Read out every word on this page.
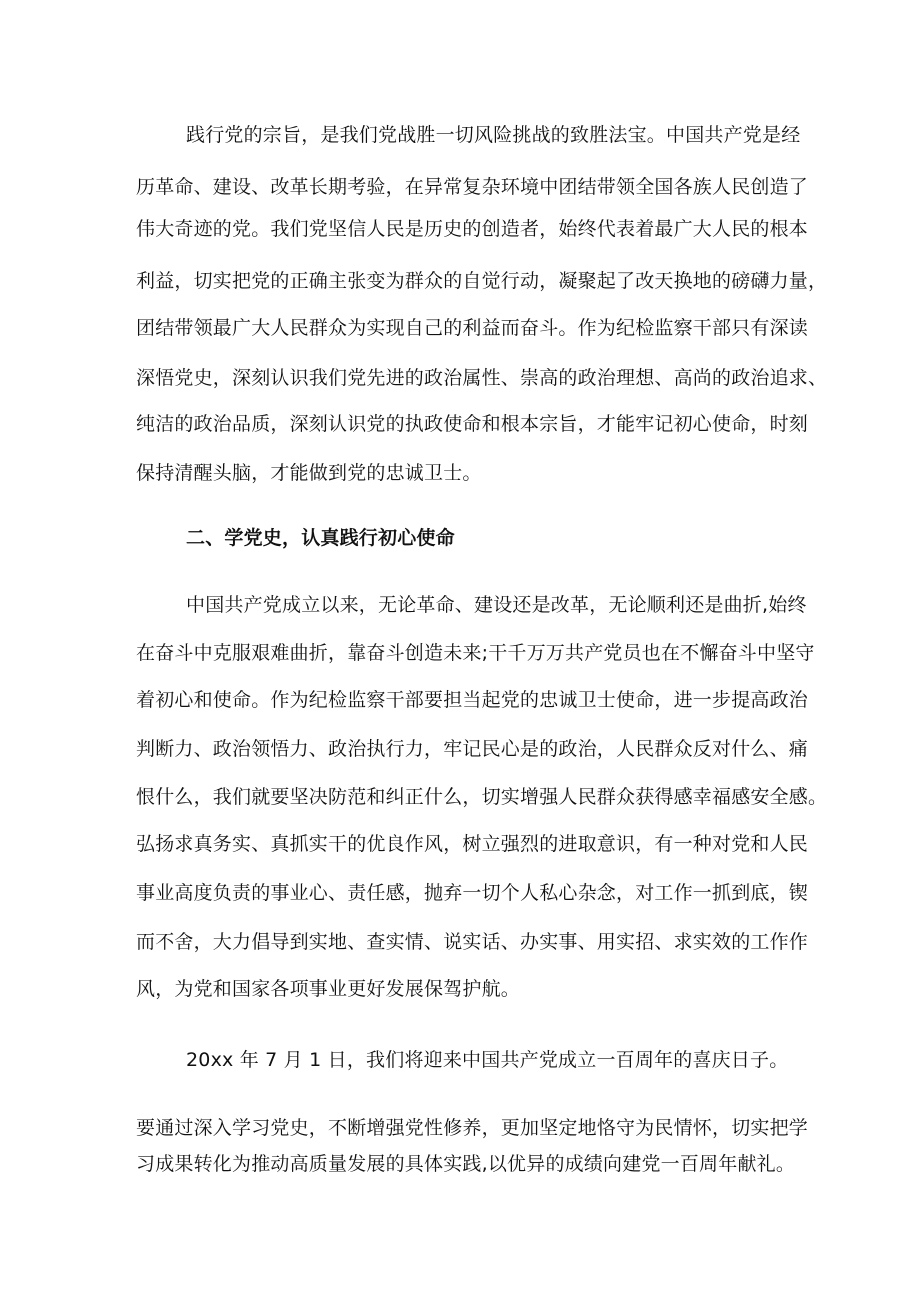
践行党的宗旨，是我们党战胜一切风险挑战的致胜法宝。中国共产党是经

历革命、建设、改革长期考验，在异常复杂环境中团结带领全国各族人民创造了

伟大奇迹的党。我们党坚信人民是历史的创造者，始终代表着最广大人民的根本

利益，切实把党的正确主张变为群众的自觉行动，凝聚起了改天换地的磅礴力量，

团结带领最广大人民群众为实现自己的利益而奋斗。作为纪检监察干部只有深读

深悟党史，深刻认识我们党先进的政治属性、崇高的政治理想、高尚的政治追求、

纯洁的政治品质，深刻认识党的执政使命和根本宗旨，才能牢记初心使命，时刻

保持清醒头脑，才能做到党的忠诚卫士。

二、学党史，认真践行初心使命

中国共产党成立以来，无论革命、建设还是改革，无论顺利还是曲折,始终

在奋斗中克服艰难曲折，靠奋斗创造未来;干千万万共产党员也在不懈奋斗中坚守

着初心和使命。作为纪检监察干部要担当起党的忠诚卫士使命，进一步提高政治

判断力、政治领悟力、政治执行力，牢记民心是的政治，人民群众反对什么、痛

恨什么，我们就要坚决防范和纠正什么，切实增强人民群众获得感幸福感安全感。

弘扬求真务实、真抓实干的优良作风，树立强烈的进取意识，有一种对党和人民

事业高度负责的事业心、责任感，抛弃一切个人私心杂念，对工作一抓到底，锲

而不舍，大力倡导到实地、查实情、说实话、办实事、用实招、求实效的工作作

风，为党和国家各项事业更好发展保驾护航。

20xx 年 7 月 1 日，我们将迎来中国共产党成立一百周年的喜庆日子。

要通过深入学习党史，不断增强党性修养，更加坚定地恪守为民情怀，切实把学

习成果转化为推动高质量发展的具体实践,以优异的成绩向建党一百周年献礼。
